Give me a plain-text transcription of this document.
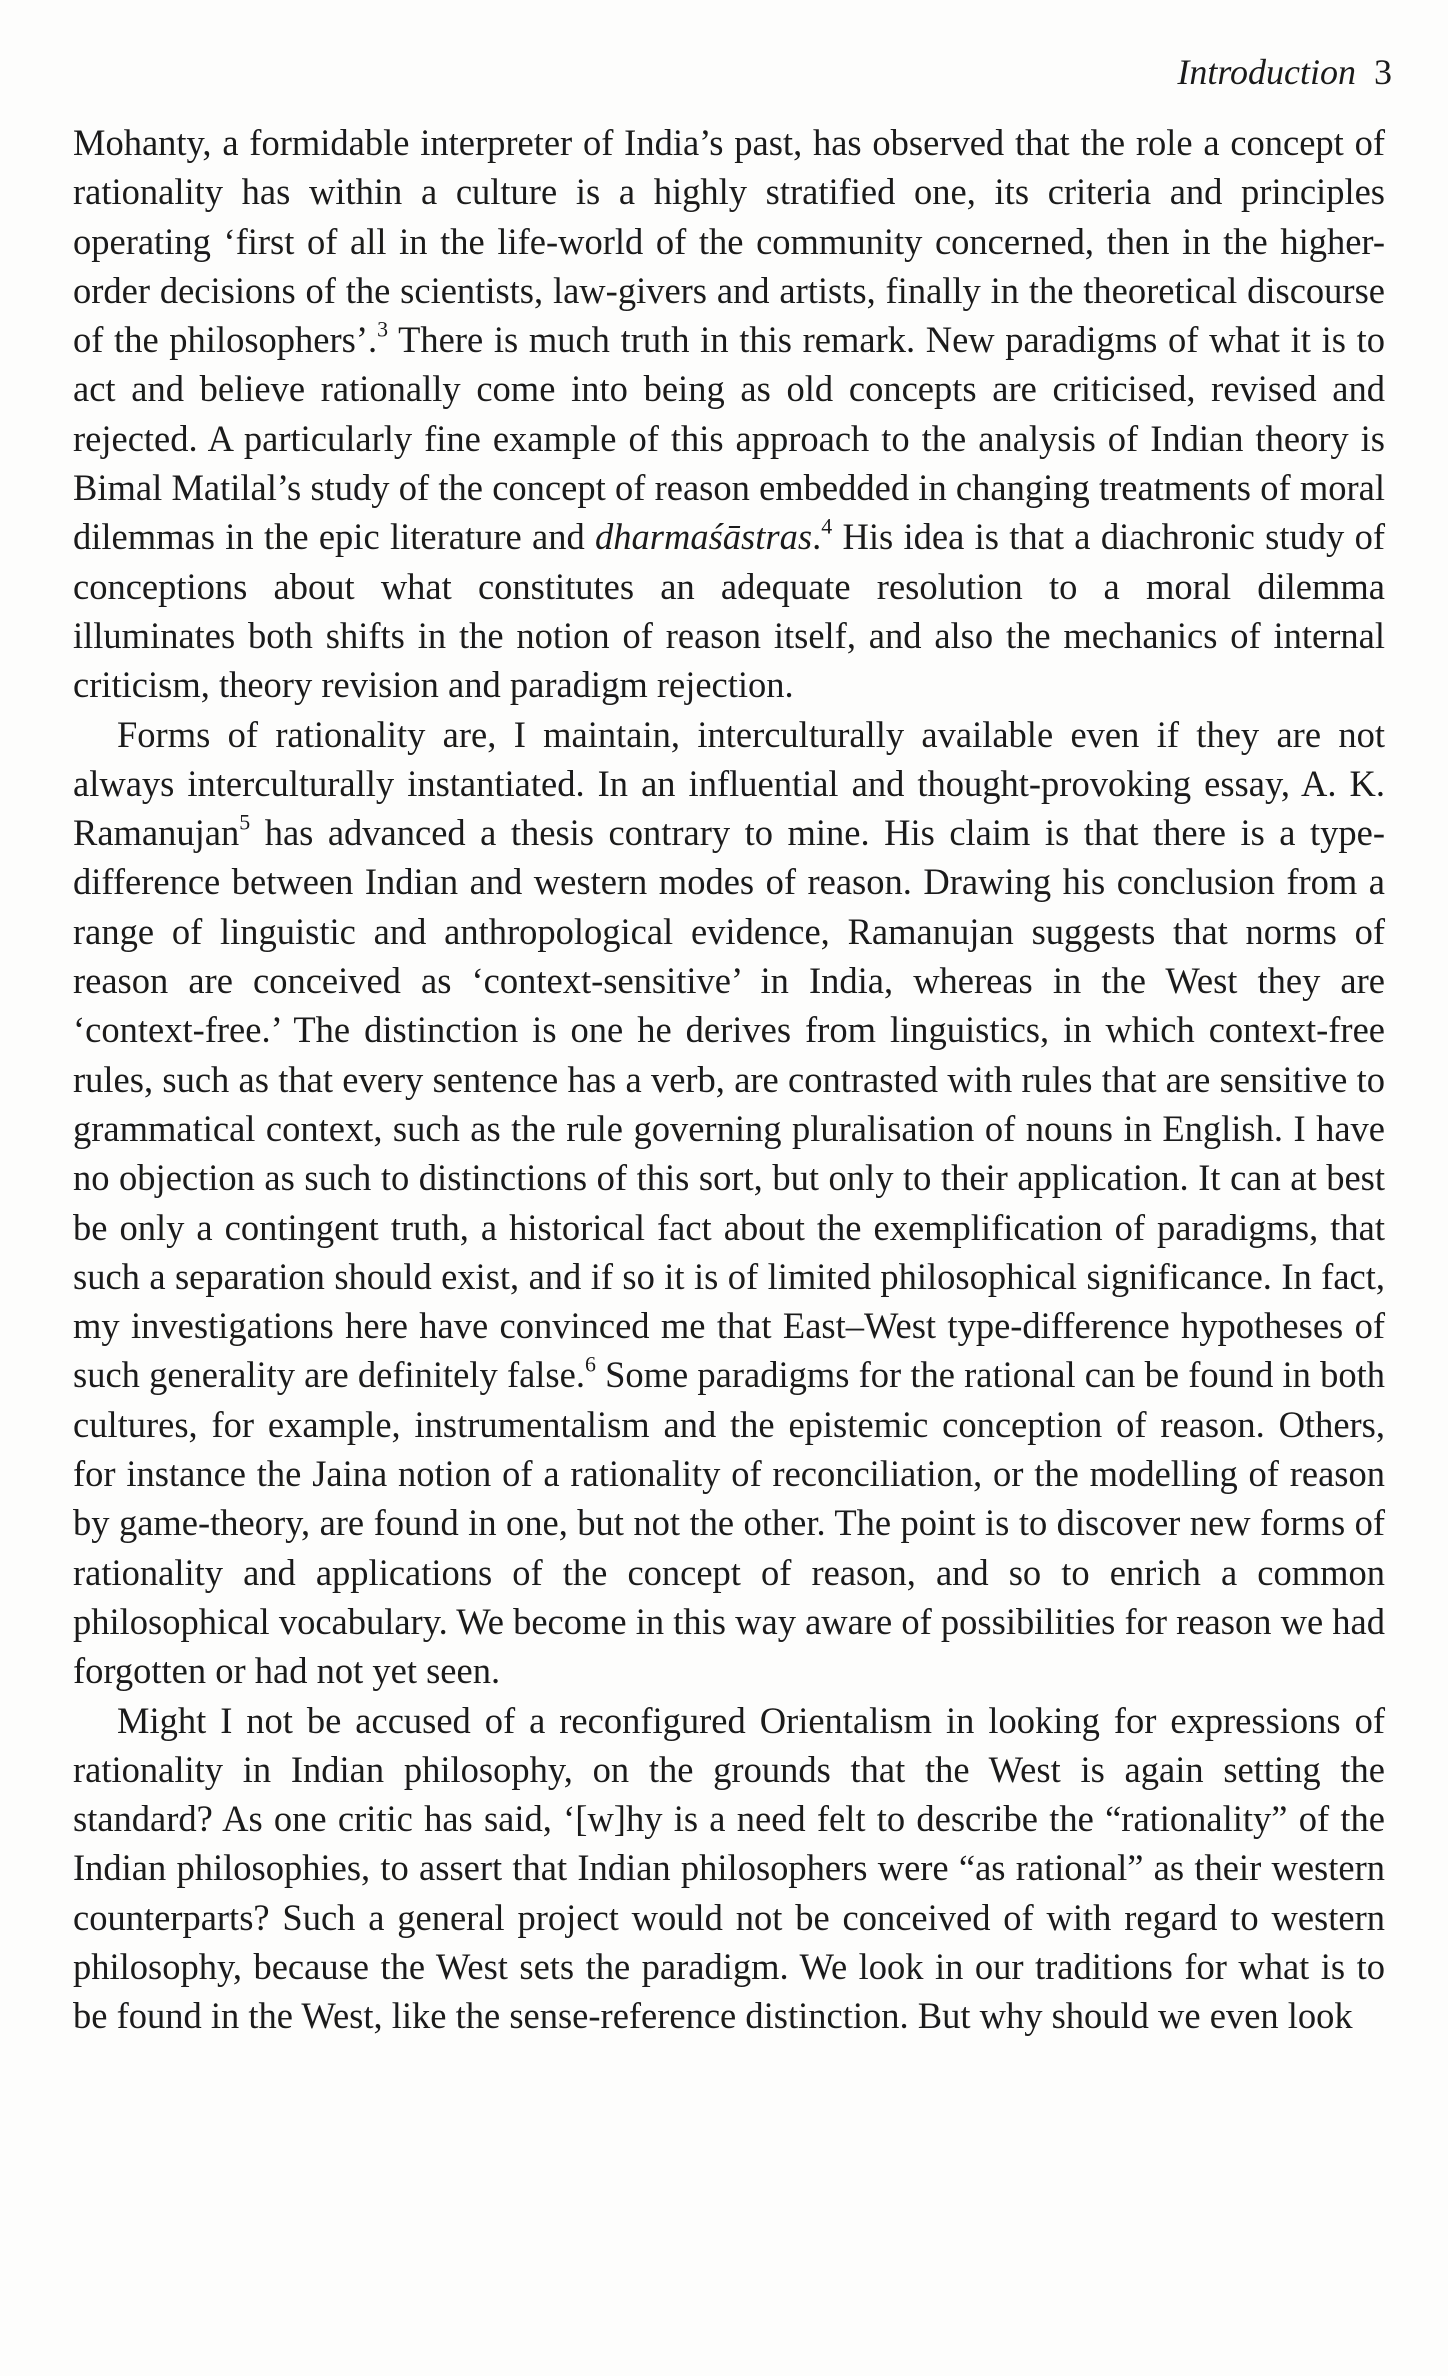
Introduction 3
Mohanty, a formidable interpreter of India’s past, has observed that the role a concept of rationality has within a culture is a highly stratified one, its criteria and principles operating ‘first of all in the life-world of the community concerned, then in the higher-order decisions of the scientists, law-givers and artists, finally in the theoretical discourse of the philosophers’.$^3$ There is much truth in this remark. New paradigms of what it is to act and believe rationally come into being as old concepts are criticised, revised and rejected. A particularly fine example of this approach to the analysis of Indian theory is Bimal Matilal’s study of the concept of reason embedded in changing treatments of moral dilemmas in the epic literature and dharmaśāstras.$^4$ His idea is that a diachronic study of conceptions about what constitutes an adequate resolution to a moral dilemma illuminates both shifts in the notion of reason itself, and also the mechanics of internal criticism, theory revision and paradigm rejection.
Forms of rationality are, I maintain, interculturally available even if they are not always interculturally instantiated. In an influential and thought-provoking essay, A. K. Ramanujan$^5$ has advanced a thesis contrary to mine. His claim is that there is a type-difference between Indian and western modes of reason. Drawing his conclusion from a range of linguistic and anthropological evidence, Ramanujan suggests that norms of reason are conceived as ‘context-sensitive’ in India, whereas in the West they are ‘context-free.’ The distinction is one he derives from linguistics, in which context-free rules, such as that every sentence has a verb, are contrasted with rules that are sensitive to grammatical context, such as the rule governing pluralisation of nouns in English. I have no objection as such to distinctions of this sort, but only to their application. It can at best be only a contingent truth, a historical fact about the exemplification of paradigms, that such a separation should exist, and if so it is of limited philosophical significance. In fact, my investigations here have convinced me that East–West type-difference hypotheses of such generality are definitely false.$^6$ Some paradigms for the rational can be found in both cultures, for example, instrumentalism and the epistemic conception of reason. Others, for instance the Jaina notion of a rationality of reconciliation, or the modelling of reason by game-theory, are found in one, but not the other. The point is to discover new forms of rationality and applications of the concept of reason, and so to enrich a common philosophical vocabulary. We become in this way aware of possibilities for reason we had forgotten or had not yet seen.
Might I not be accused of a reconfigured Orientalism in looking for expressions of rationality in Indian philosophy, on the grounds that the West is again setting the standard? As one critic has said, ‘[w]hy is a need felt to describe the “rationality” of the Indian philosophies, to assert that Indian philosophers were “as rational” as their western counterparts? Such a general project would not be conceived of with regard to western philosophy, because the West sets the paradigm. We look in our traditions for what is to be found in the West, like the sense-reference distinction. But why should we even look
